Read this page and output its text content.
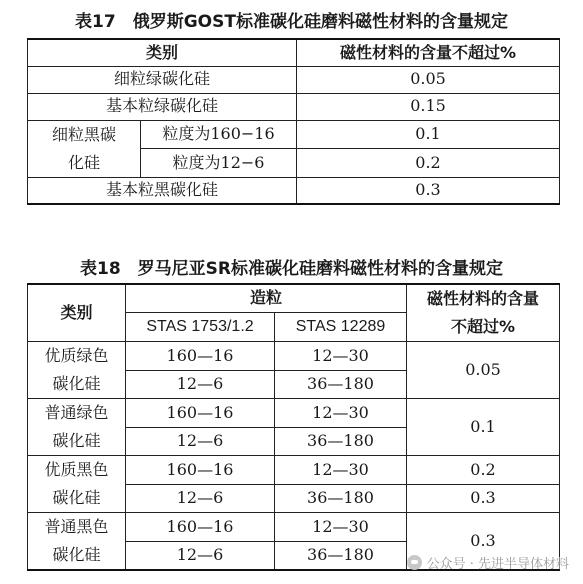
表17　俄罗斯GOST标准碳化硅磨料磁性材料的含量规定
类别		磁性材料的含量不超过%
细粒绿碳化硅		0.05
基本粒绿碳化硅		0.15

细粒黑碳
化硅	粒度为160−16	0.1
	粒度为12−6	0.2
基本粒黑碳化硅		0.3
表18　罗马尼亚SR标准碳化硅磨料磁性材料的含量规定
类别	造粒		磁性材料的含量
不超过%

	STAS 1753/1.2	STAS 12289	

优质绿色
碳化硅	160—16	12—30	0.05
	12—6	36—180	

普通绿色
碳化硅	160—16	12—30	0.1
	12—6	36—180	

优质黑色
碳化硅	160—16	12—30	0.2
	12—6	36—180	0.3

普通黑色
碳化硅	160—16	12—30	0.3
	12—6	36—180	
公众号 · 先进半导体材料
